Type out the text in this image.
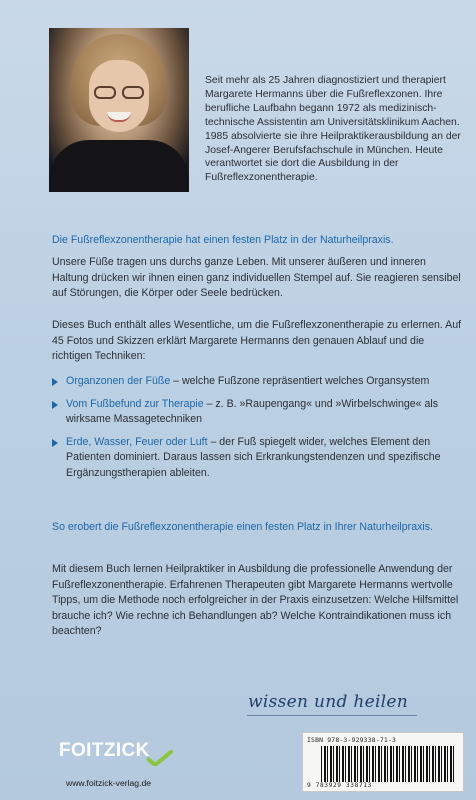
Seit mehr als 25 Jahren diagnostiziert und therapiert Margarete Hermanns über die Fußreflexzonen. Ihre berufliche Laufbahn begann 1972 als medizinisch-technische Assistentin am Universitätsklinikum Aachen. 1985 absolvierte sie ihre Heilpraktikerausbildung an der Josef-Angerer Berufsfachschule in München. Heute verantwortet sie dort die Ausbildung in der Fußreflexzonentherapie.

Die Fußreflexzonentherapie hat einen festen Platz in der Naturheilpraxis.

Unsere Füße tragen uns durchs ganze Leben. Mit unserer äußeren und inneren Haltung drücken wir ihnen einen ganz individuellen Stempel auf. Sie reagieren sensibel auf Störungen, die Körper oder Seele bedrücken.

Dieses Buch enthält alles Wesentliche, um die Fußreflexzonentherapie zu erlernen. Auf 45 Fotos und Skizzen erklärt Margarete Hermanns den genauen Ablauf und die richtigen Techniken:

Organzonen der Füße – welche Fußzone repräsentiert welches Organsystem
Vom Fußbefund zur Therapie – z. B. »Raupengang« und »Wirbelschwinge« als wirksame Massagetechniken
Erde, Wasser, Feuer oder Luft – der Fuß spiegelt wider, welches Element den Patienten dominiert. Daraus lassen sich Erkrankungstendenzen und spezifische Ergänzungstherapien ableiten.

So erobert die Fußreflexzonentherapie einen festen Platz in Ihrer Naturheilpraxis.

Mit diesem Buch lernen Heilpraktiker in Ausbildung die professionelle Anwendung der Fußreflexzonentherapie. Erfahrenen Therapeuten gibt Margarete Hermanns wertvolle Tipps, um die Methode noch erfolgreicher in der Praxis einzusetzen: Welche Hilfsmittel brauche ich? Wie rechne ich Behandlungen ab? Welche Kontraindikationen muss ich beachten?

wissen und heilen
FOITZICK
www.foitzick-verlag.de
ISBN 978-3-929338-71-3
9 783929 338713
